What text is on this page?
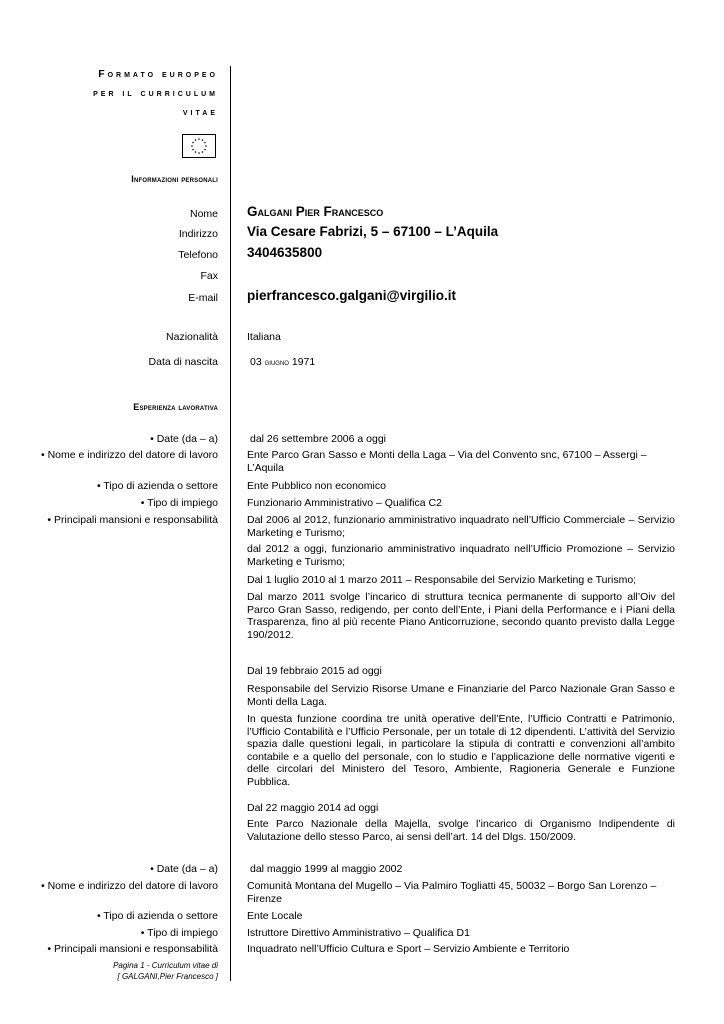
Formato europeo
per il curriculum
vitae
Informazioni personali
Nome Galgani Pier Francesco
Indirizzo Via Cesare Fabrizi, 5 – 67100 – L’Aquila
Telefono 3404635800
Fax
E-mail pierfrancesco.galgani@virgilio.it
Nazionalità	Italiana
Data di nascita	03 giugno 1971
Esperienza lavorativa
• Date (da – a)
• Nome e indirizzo del datore di lavoro
• Tipo di azienda o settore
• Tipo di impiego
• Principali mansioni e responsabilità
dal 26 settembre 2006 a oggi
Ente Parco Gran Sasso e Monti della Laga – Via del Convento snc, 67100 – Assergi – L’Aquila
Ente Pubblico non economico
Funzionario Amministrativo – Qualifica C2
Dal 2006 al 2012, funzionario amministrativo inquadrato nell’Ufficio Commerciale – Servizio Marketing e Turismo;
dal 2012 a oggi, funzionario amministrativo inquadrato nell’Ufficio Promozione – Servizio Marketing e Turismo;
Dal 1 luglio 2010 al 1 marzo 2011 – Responsabile del Servizio Marketing e Turismo;
Dal marzo 2011 svolge l’incarico di struttura tecnica permanente di supporto all’Oiv del Parco Gran Sasso, redigendo, per conto dell’Ente, i Piani della Performance e i Piani della Trasparenza, fino al più recente Piano Anticorruzione, secondo quanto previsto dalla Legge 190/2012.
Dal 19 febbraio 2015 ad oggi
Responsabile del Servizio Risorse Umane e Finanziarie del Parco Nazionale Gran Sasso e Monti della Laga.
In questa funzione coordina tre unità operative dell’Ente, l’Ufficio Contratti e Patrimonio, l’Ufficio Contabilità e l’Ufficio Personale, per un totale di 12 dipendenti. L’attività del Servizio spazia dalle questioni legali, in particolare la stipula di contratti e convenzioni all’ambito contabile e a quello del personale, con lo studio e l’applicazione delle normative vigenti e delle circolari del Ministero del Tesoro, Ambiente, Ragioneria Generale e Funzione Pubblica.
Dal 22 maggio 2014 ad oggi
Ente Parco Nazionale della Majella, svolge l’incarico di Organismo Indipendente di Valutazione dello stesso Parco, ai sensi dell’art. 14 del Dlgs. 150/2009.
• Date (da – a)
• Nome e indirizzo del datore di lavoro
• Tipo di azienda o settore
• Tipo di impiego
• Principali mansioni e responsabilità
dal maggio 1999 al maggio 2002
Comunità Montana del Mugello – Via Palmiro Togliatti 45, 50032 – Borgo San Lorenzo – Firenze
Ente Locale
Istruttore Direttivo Amministrativo – Qualifica D1
Inquadrato nell’Ufficio Cultura e Sport – Servizio Ambiente e Territorio
Pagina 1 - Curriculum vitae di
[ GALGANI,Pier Francesco ]
